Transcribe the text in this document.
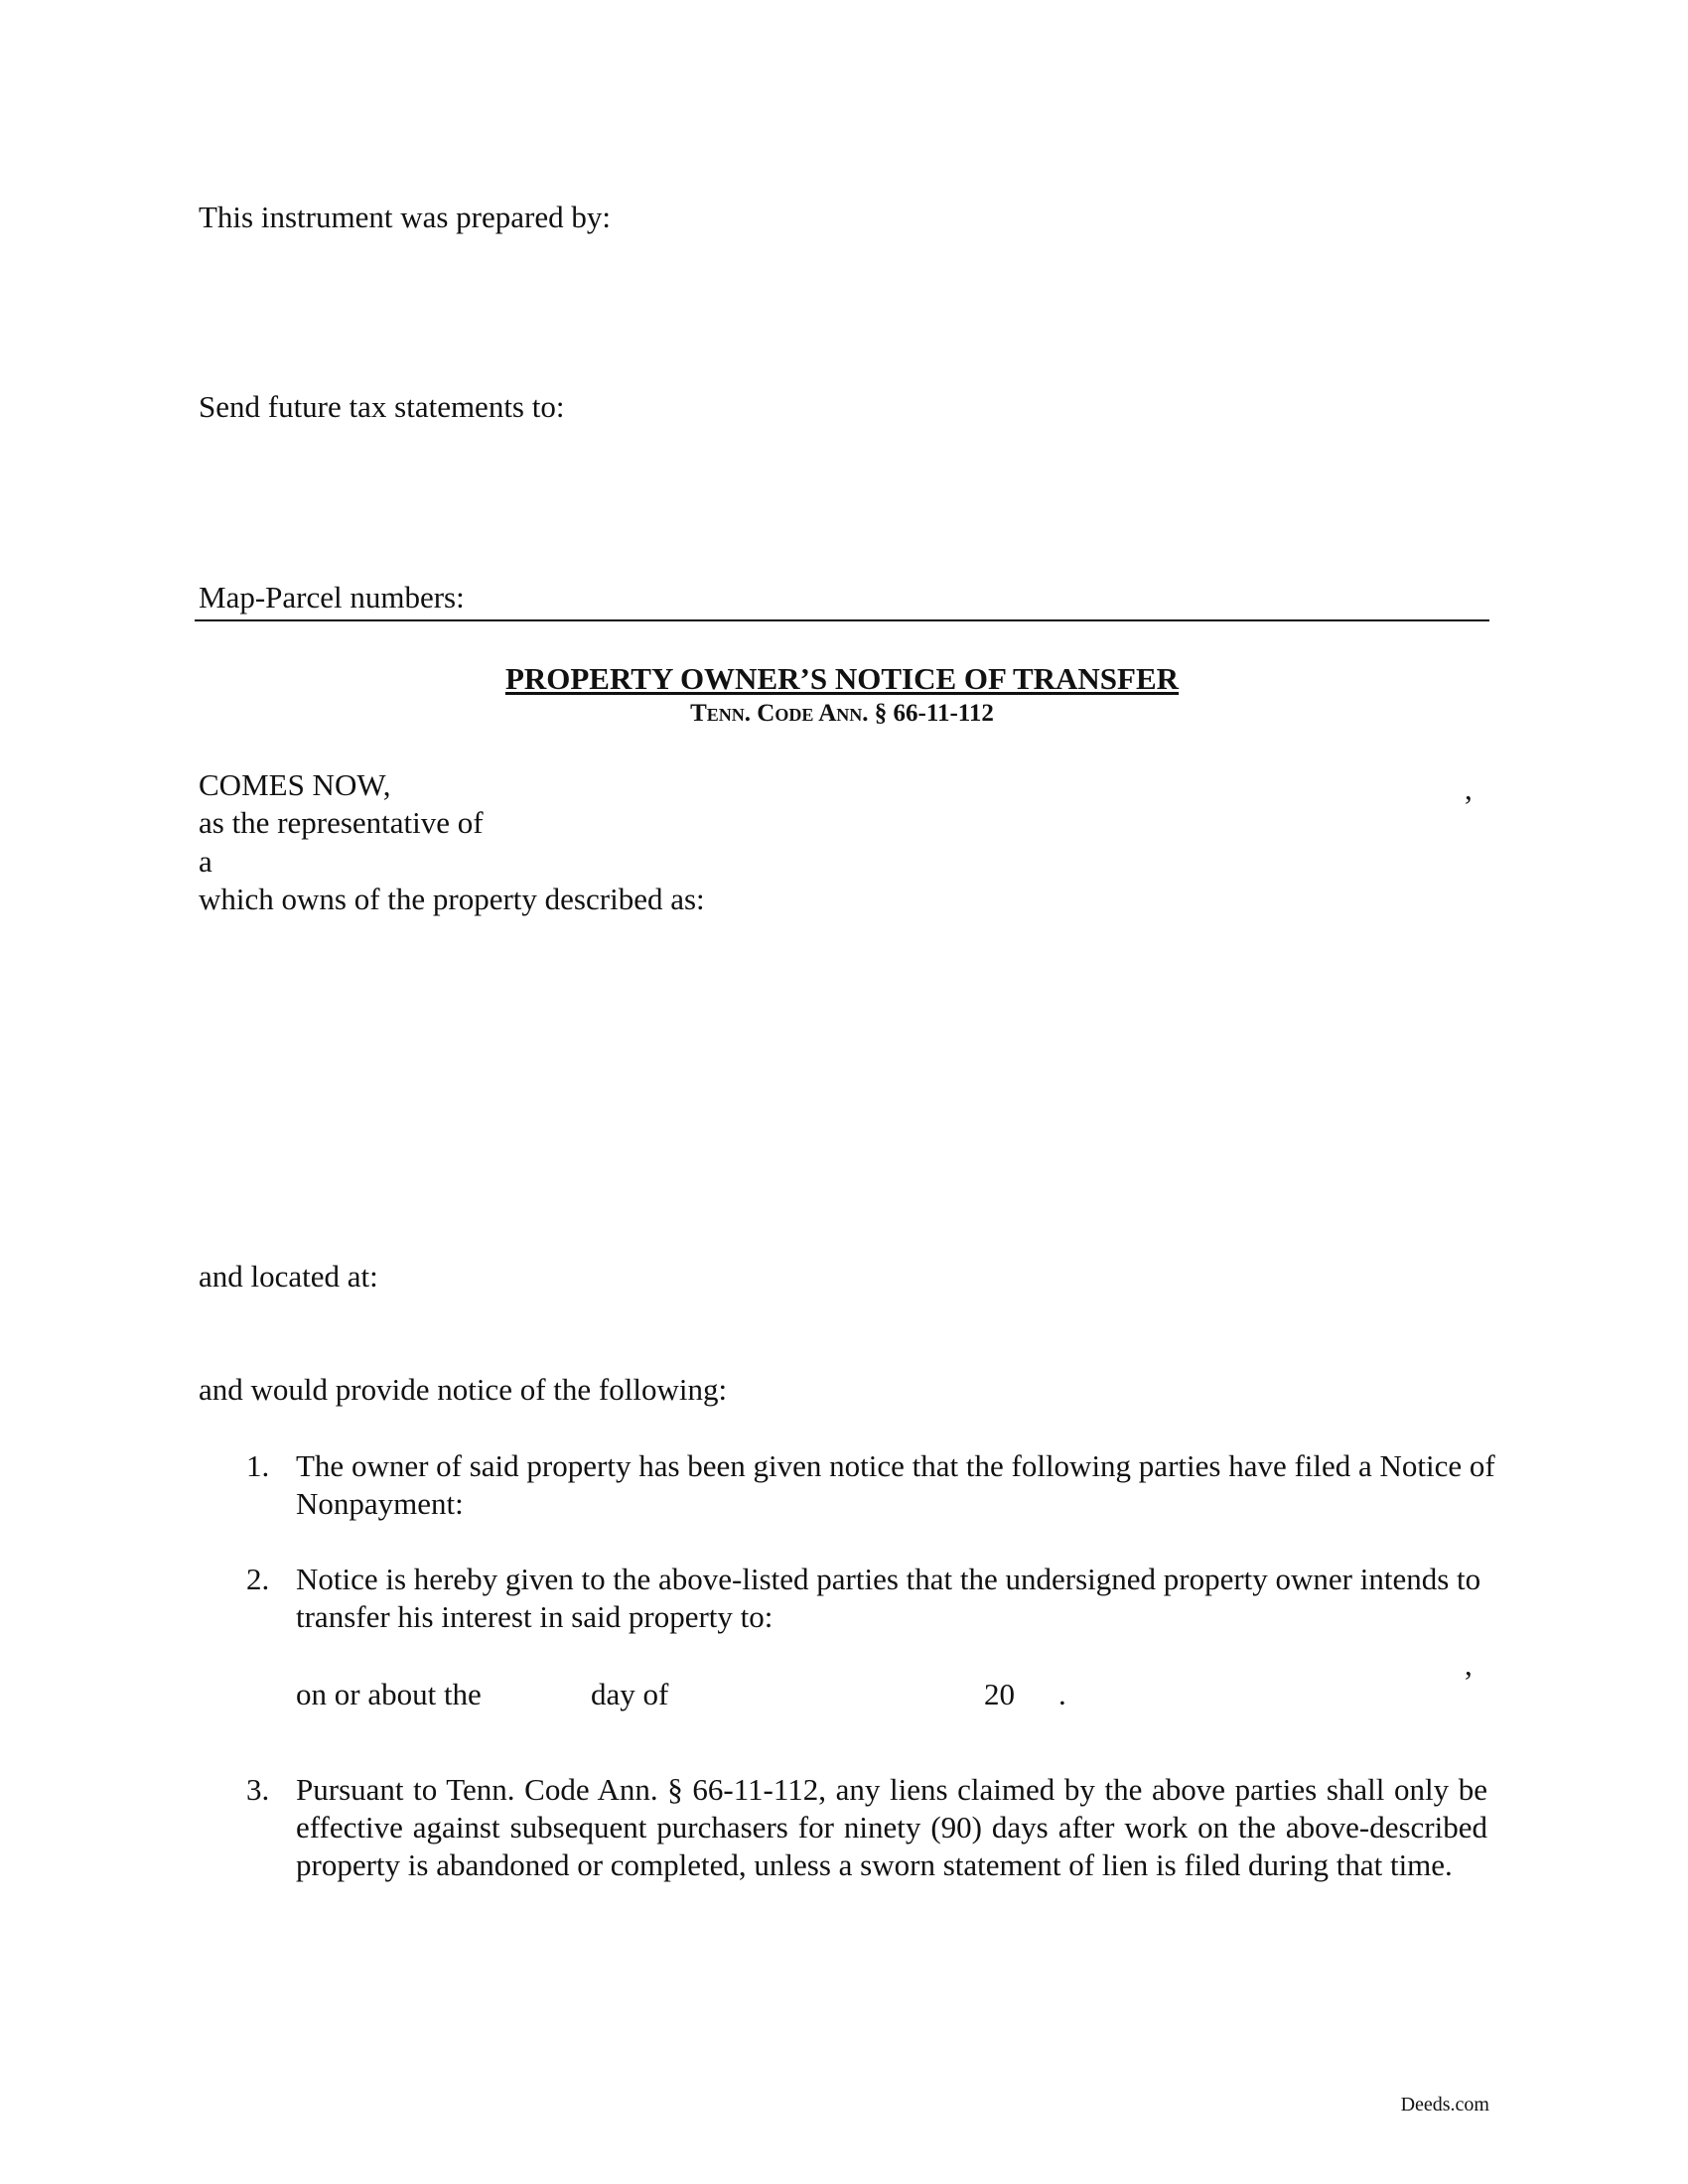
This instrument was prepared by:
Send future tax statements to:
Map-Parcel numbers:
PROPERTY OWNER’S NOTICE OF TRANSFER
Tenn. Code Ann. § 66-11-112
COMES NOW,	,
as the representative of
a
which owns of the property described as:
and located at:
and would provide notice of the following:
1. The owner of said property has been given notice that the following parties have filed a Notice of Nonpayment:
2. Notice is hereby given to the above-listed parties that the undersigned property owner intends to transfer his interest in said property to:
,
on or about the	day of	20 .
3. Pursuant to Tenn. Code Ann. § 66-11-112, any liens claimed by the above parties shall only be effective against subsequent purchasers for ninety (90) days after work on the above-described property is abandoned or completed, unless a sworn statement of lien is filed during that time.
Deeds.com
